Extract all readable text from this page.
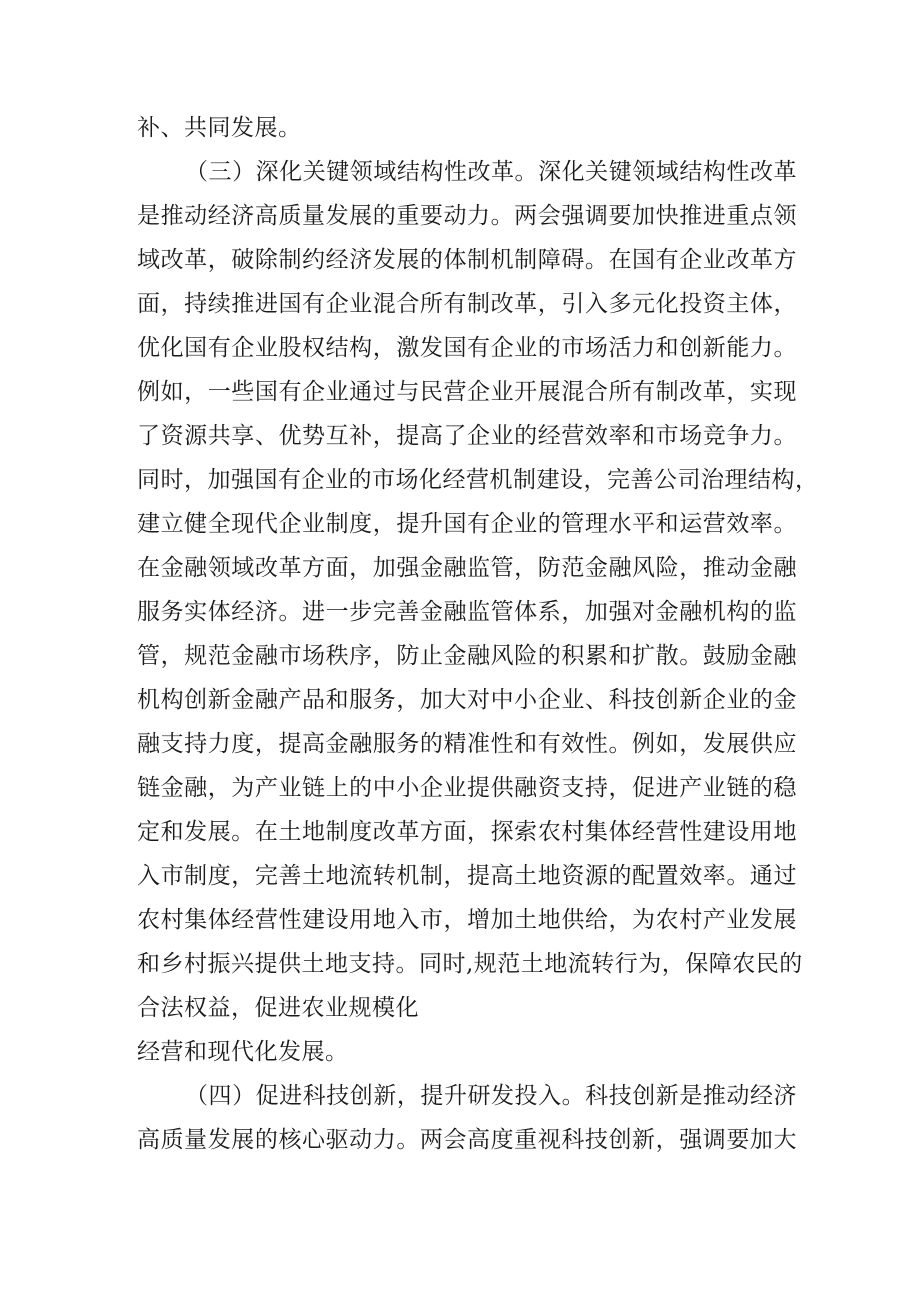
补、共同发展。
（三）深化关键领域结构性改革。深化关键领域结构性改革
是推动经济高质量发展的重要动力。两会强调要加快推进重点领
域改革，破除制约经济发展的体制机制障碍。在国有企业改革方
面，持续推进国有企业混合所有制改革，引入多元化投资主体，
优化国有企业股权结构，激发国有企业的市场活力和创新能力。
例如，一些国有企业通过与民营企业开展混合所有制改革，实现
了资源共享、优势互补，提高了企业的经营效率和市场竞争力。
同时，加强国有企业的市场化经营机制建设，完善公司治理结构，
建立健全现代企业制度，提升国有企业的管理水平和运营效率。
在金融领域改革方面，加强金融监管，防范金融风险，推动金融
服务实体经济。进一步完善金融监管体系，加强对金融机构的监
管，规范金融市场秩序，防止金融风险的积累和扩散。鼓励金融
机构创新金融产品和服务，加大对中小企业、科技创新企业的金
融支持力度，提高金融服务的精准性和有效性。例如，发展供应
链金融，为产业链上的中小企业提供融资支持，促进产业链的稳
定和发展。在土地制度改革方面，探索农村集体经营性建设用地
入市制度，完善土地流转机制，提高土地资源的配置效率。通过
农村集体经营性建设用地入市，增加土地供给，为农村产业发展
和乡村振兴提供土地支持。同时,规范土地流转行为，保障农民的
合法权益，促进农业规模化
经营和现代化发展。
（四）促进科技创新，提升研发投入。科技创新是推动经济
高质量发展的核心驱动力。两会高度重视科技创新，强调要加大
